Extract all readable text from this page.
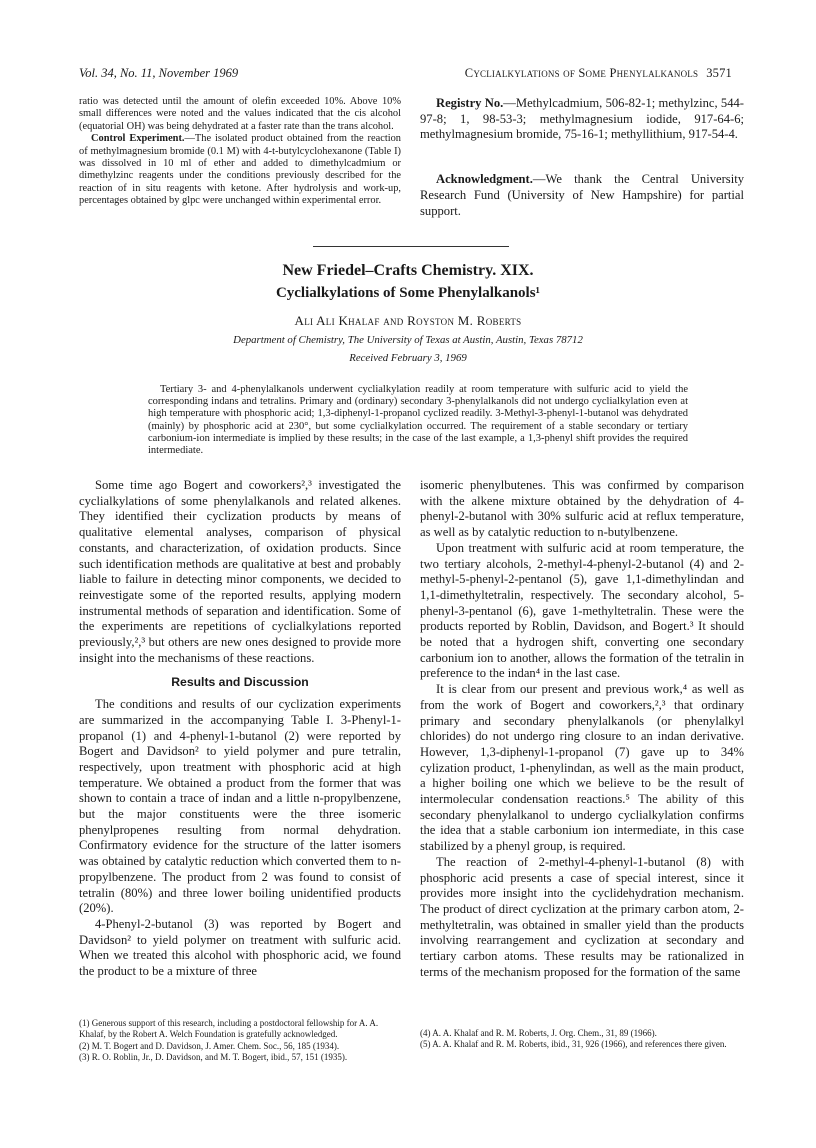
Vol. 34, No. 11, November 1969	Cyclialkylations of Some Phenylalkanols 3571

ratio was detected until the amount of olefin exceeded 10%. Above 10% small differences were noted and the values indicated that the cis alcohol (equatorial OH) was being dehydrated at a faster rate than the trans alcohol.

Control Experiment.—The isolated product obtained from the reaction of methylmagnesium bromide (0.1 M) with 4-t-butylcyclohexanone (Table I) was dissolved in 10 ml of ether and added to dimethylcadmium or dimethylzinc reagents under the conditions previously described for the reaction of in situ reagents with ketone. After hydrolysis and work-up, percentages obtained by glpc were unchanged within experimental error.

Registry No.—Methylcadmium, 506-82-1; methylzinc, 544-97-8; 1, 98-53-3; methylmagnesium iodide, 917-64-6; methylmagnesium bromide, 75-16-1; methyllithium, 917-54-4.

Acknowledgment.—We thank the Central University Research Fund (University of New Hampshire) for partial support.

New Friedel–Crafts Chemistry. XIX.
Cyclialkylations of Some Phenylalkanols¹
Ali Ali Khalaf and Royston M. Roberts
Department of Chemistry, The University of Texas at Austin, Austin, Texas 78712
Received February 3, 1969
Tertiary 3- and 4-phenylalkanols underwent cyclialkylation readily at room temperature with sulfuric acid to yield the corresponding indans and tetralins. Primary and (ordinary) secondary 3-phenylalkanols did not undergo cyclialkylation even at high temperature with phosphoric acid; 1,3-diphenyl-1-propanol cyclized readily. 3-Methyl-3-phenyl-1-butanol was dehydrated (mainly) by phosphoric acid at 230°, but some cyclialkylation occurred. The requirement of a stable secondary or tertiary carbonium-ion intermediate is implied by these results; in the case of the last example, a 1,3-phenyl shift provides the required intermediate.

Some time ago Bogert and coworkers²,³ investigated the cyclialkylations of some phenylalkanols and related alkenes. They identified their cyclization products by means of qualitative elemental analyses, comparison of physical constants, and characterization, of oxidation products. Since such identification methods are qualitative at best and probably liable to failure in detecting minor components, we decided to reinvestigate some of the reported results, applying modern instrumental methods of separation and identification. Some of the experiments are repetitions of cyclialkylations reported previously,²,³ but others are new ones designed to provide more insight into the mechanisms of these reactions.

Results and Discussion

The conditions and results of our cyclization experiments are summarized in the accompanying Table I. 3-Phenyl-1-propanol (1) and 4-phenyl-1-butanol (2) were reported by Bogert and Davidson² to yield polymer and pure tetralin, respectively, upon treatment with phosphoric acid at high temperature. We obtained a product from the former that was shown to contain a trace of indan and a little n-propylbenzene, but the major constituents were the three isomeric phenylpropenes resulting from normal dehydration. Confirmatory evidence for the structure of the latter isomers was obtained by catalytic reduction which converted them to n-propylbenzene. The product from 2 was found to consist of tetralin (80%) and three lower boiling unidentified products (20%).

4-Phenyl-2-butanol (3) was reported by Bogert and Davidson² to yield polymer on treatment with sulfuric acid. When we treated this alcohol with phosphoric acid, we found the product to be a mixture of three

isomeric phenylbutenes. This was confirmed by comparison with the alkene mixture obtained by the dehydration of 4-phenyl-2-butanol with 30% sulfuric acid at reflux temperature, as well as by catalytic reduction to n-butylbenzene.

Upon treatment with sulfuric acid at room temperature, the two tertiary alcohols, 2-methyl-4-phenyl-2-butanol (4) and 2-methyl-5-phenyl-2-pentanol (5), gave 1,1-dimethylindan and 1,1-dimethyltetralin, respectively. The secondary alcohol, 5-phenyl-3-pentanol (6), gave 1-methyltetralin. These were the products reported by Roblin, Davidson, and Bogert.³ It should be noted that a hydrogen shift, converting one secondary carbonium ion to another, allows the formation of the tetralin in preference to the indan⁴ in the last case.

It is clear from our present and previous work,⁴ as well as from the work of Bogert and coworkers,²,³ that ordinary primary and secondary phenylalkanols (or phenylalkyl chlorides) do not undergo ring closure to an indan derivative. However, 1,3-diphenyl-1-propanol (7) gave up to 34% cylization product, 1-phenylindan, as well as the main product, a higher boiling one which we believe to be the result of intermolecular condensation reactions.⁵ The ability of this secondary phenylalkanol to undergo cyclialkylation confirms the idea that a stable carbonium ion intermediate, in this case stabilized by a phenyl group, is required.

The reaction of 2-methyl-4-phenyl-1-butanol (8) with phosphoric acid presents a case of special interest, since it provides more insight into the cyclidehydration mechanism. The product of direct cyclization at the primary carbon atom, 2-methyltetralin, was obtained in smaller yield than the products involving rearrangement and cyclization at secondary and tertiary carbon atoms. These results may be rationalized in terms of the mechanism proposed for the formation of the same

(1) Generous support of this research, including a postdoctoral fellowship for A. A. Khalaf, by the Robert A. Welch Foundation is gratefully acknowledged.

(2) M. T. Bogert and D. Davidson, J. Amer. Chem. Soc., 56, 185 (1934).

(3) R. O. Roblin, Jr., D. Davidson, and M. T. Bogert, ibid., 57, 151 (1935).

(4) A. A. Khalaf and R. M. Roberts, J. Org. Chem., 31, 89 (1966).

(5) A. A. Khalaf and R. M. Roberts, ibid., 31, 926 (1966), and references there given.
